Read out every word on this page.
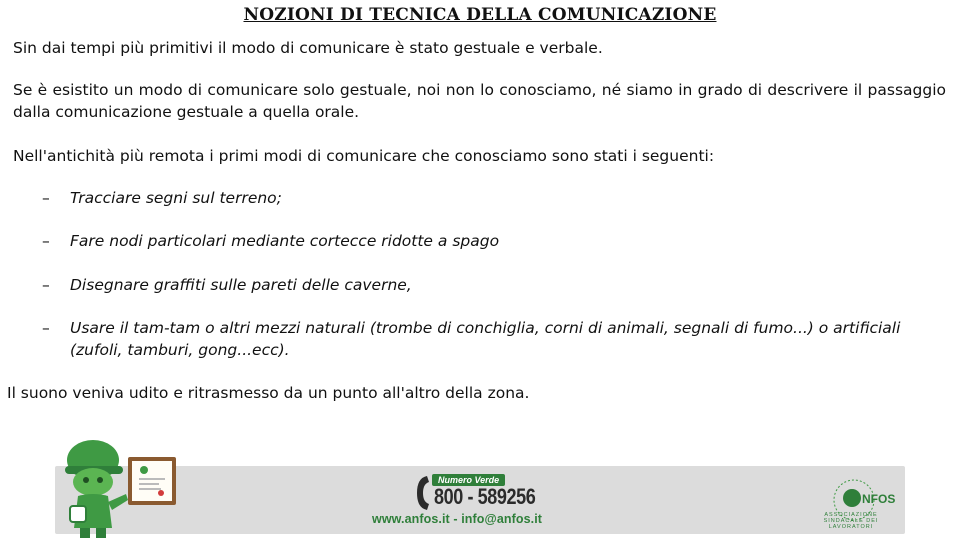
NOZIONI DI TECNICA DELLA COMUNICAZIONE

Sin dai tempi più primitivi il modo di comunicare è stato gestuale e verbale.

Se è esistito un modo di comunicare solo gestuale, noi non lo conosciamo, né siamo in grado di descrivere il passaggio dalla comunicazione gestuale a quella orale.

Nell'antichità più remota i primi modi di comunicare che conosciamo sono stati i seguenti:

– Tracciare segni sul terreno;
– Fare nodi particolari mediante cortecce ridotte a spago
– Disegnare graffiti sulle pareti delle caverne,
– Usare il tam-tam o altri mezzi naturali (trombe di conchiglia, corni di animali, segnali di fumo...) o artificiali (zufoli, tamburi, gong...ecc).

Il suono veniva udito e ritrasmesso da un punto all'altro della zona.

Numero Verde
800 - 589256
www.anfos.it - info@anfos.it
NFOS
ASSOCIAZIONE SINDACALE DEI LAVORATORI
